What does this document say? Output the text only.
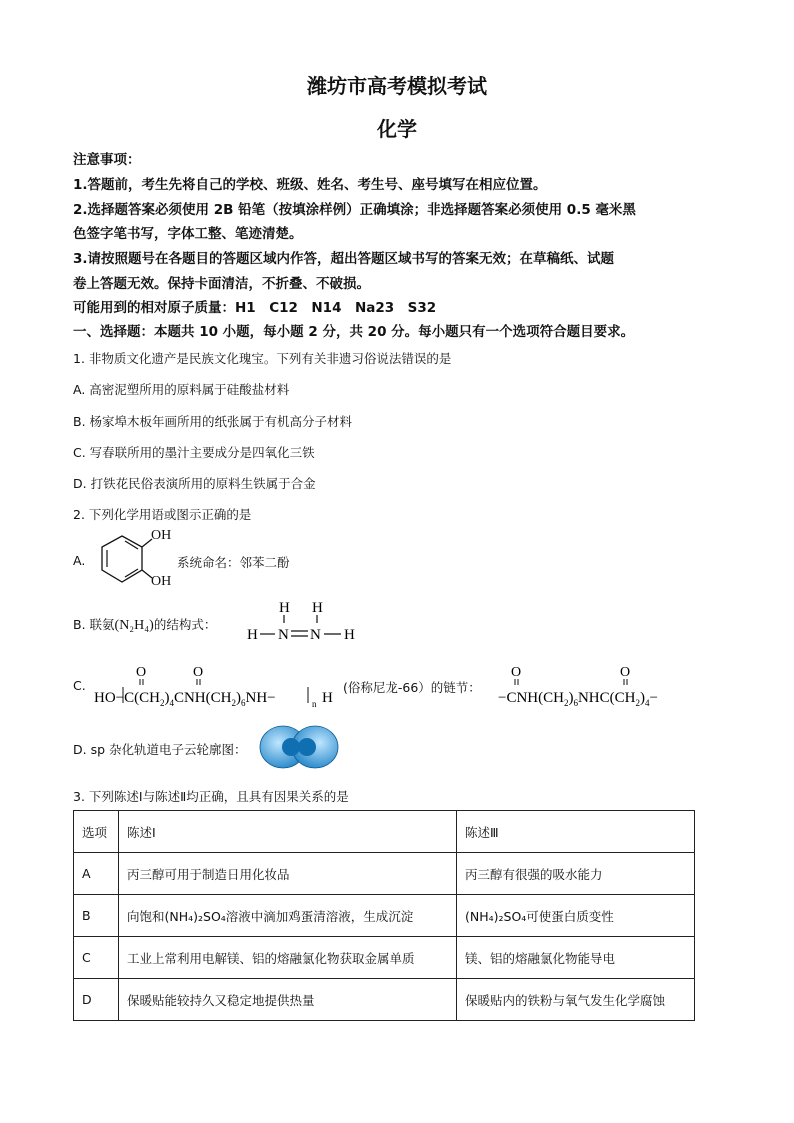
潍坊市高考模拟考试
化学
注意事项：
1.答题前，考生先将自己的学校、班级、姓名、考生号、座号填写在相应位置。
2.选择题答案必须使用 2B 铅笔（按填涂样例）正确填涂；非选择题答案必须使用 0.5 毫米黑
色签字笔书写，字体工整、笔迹清楚。
3.请按照题号在各题目的答题区域内作答，超出答题区域书写的答案无效；在草稿纸、试题
卷上答题无效。保持卡面清洁，不折叠、不破损。
可能用到的相对原子质量：H1　C12　N14　Na23　S32
一、选择题：本题共 10 小题，每小题 2 分，共 20 分。每小题只有一个选项符合题目要求。
1. 非物质文化遗产是民族文化瑰宝。下列有关非遗习俗说法错误的是
A. 高密泥塑所用的原料属于硅酸盐材料
B. 杨家埠木板年画所用的纸张属于有机高分子材料
C. 写春联所用的墨汁主要成分是四氧化三铁
D. 打铁花民俗表演所用的原料生铁属于合金
2. 下列化学用语或图示正确的是
A.
OH
OH
系统命名：邻苯二酚
B. 联氨(N₂H₄)的结构式：
H H
H N N H
C.
O	O
$HO-C(CH_2)_4CNH(CH_2)_6NH-$	n H
(俗称尼龙-66）的链节：
O	O
$-CNH(CH_2)_6NHC(CH_2)_4-$
D. sp 杂化轨道电子云轮廓图：
3. 下列陈述Ⅰ与陈述Ⅱ均正确，且具有因果关系的是
选项	陈述Ⅰ	陈述Ⅲ
A	丙三醇可用于制造日用化妆品	丙三醇有很强的吸水能力
B	向饱和(NH₄)₂SO₄溶液中滴加鸡蛋清溶液，生成沉淀	(NH₄)₂SO₄可使蛋白质变性
C	工业上常利用电解镁、铝的熔融氯化物获取金属单质	镁、铝的熔融氯化物能导电
D	保暖贴能较持久又稳定地提供热量	保暖贴内的铁粉与氧气发生化学腐蚀
